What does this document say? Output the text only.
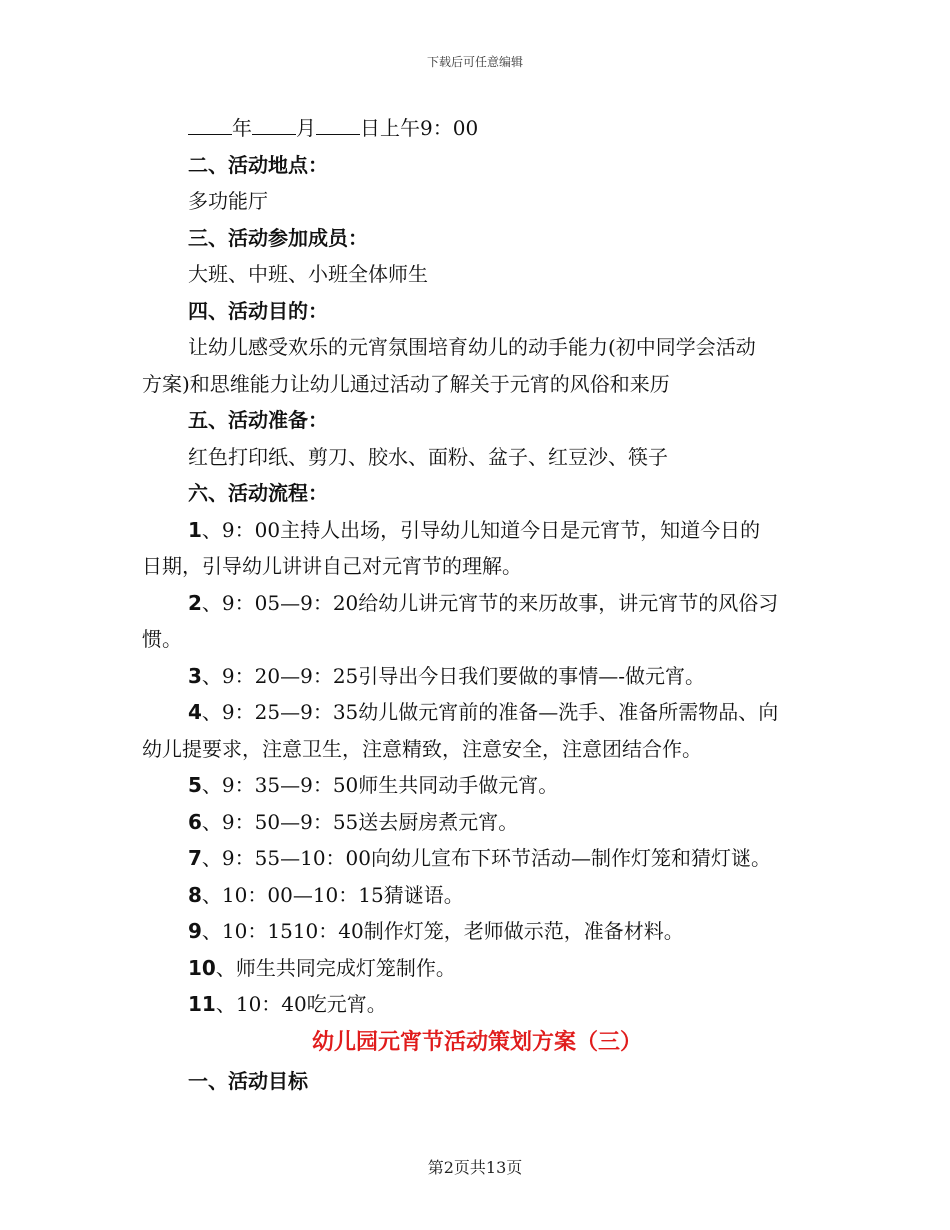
下载后可任意编辑

年 月 日上午9：00

二、活动地点：

多功能厅

三、活动参加成员：

大班、中班、小班全体师生

四、活动目的：

让幼儿感受欢乐的元宵氛围培育幼儿的动手能力(初中同学会活动

方案)和思维能力让幼儿通过活动了解关于元宵的风俗和来历

五、活动准备：

红色打印纸、剪刀、胶水、面粉、盆子、红豆沙、筷子

六、活动流程：

1、9：00主持人出场，引导幼儿知道今日是元宵节，知道今日的

日期，引导幼儿讲讲自己对元宵节的理解。

2、9：05—9：20给幼儿讲元宵节的来历故事，讲元宵节的风俗习

惯。

3、9：20—9：25引导出今日我们要做的事情—-做元宵。

4、9：25—9：35幼儿做元宵前的准备—洗手、准备所需物品、向

幼儿提要求，注意卫生，注意精致，注意安全，注意团结合作。

5、9：35—9：50师生共同动手做元宵。

6、9：50—9：55送去厨房煮元宵。

7、9：55—10：00向幼儿宣布下环节活动—制作灯笼和猜灯谜。

8、10：00—10：15猜谜语。

9、10：1510：40制作灯笼，老师做示范，准备材料。

10、师生共同完成灯笼制作。

11、10：40吃元宵。

幼儿园元宵节活动策划方案（三）

一、活动目标

第2页共13页
